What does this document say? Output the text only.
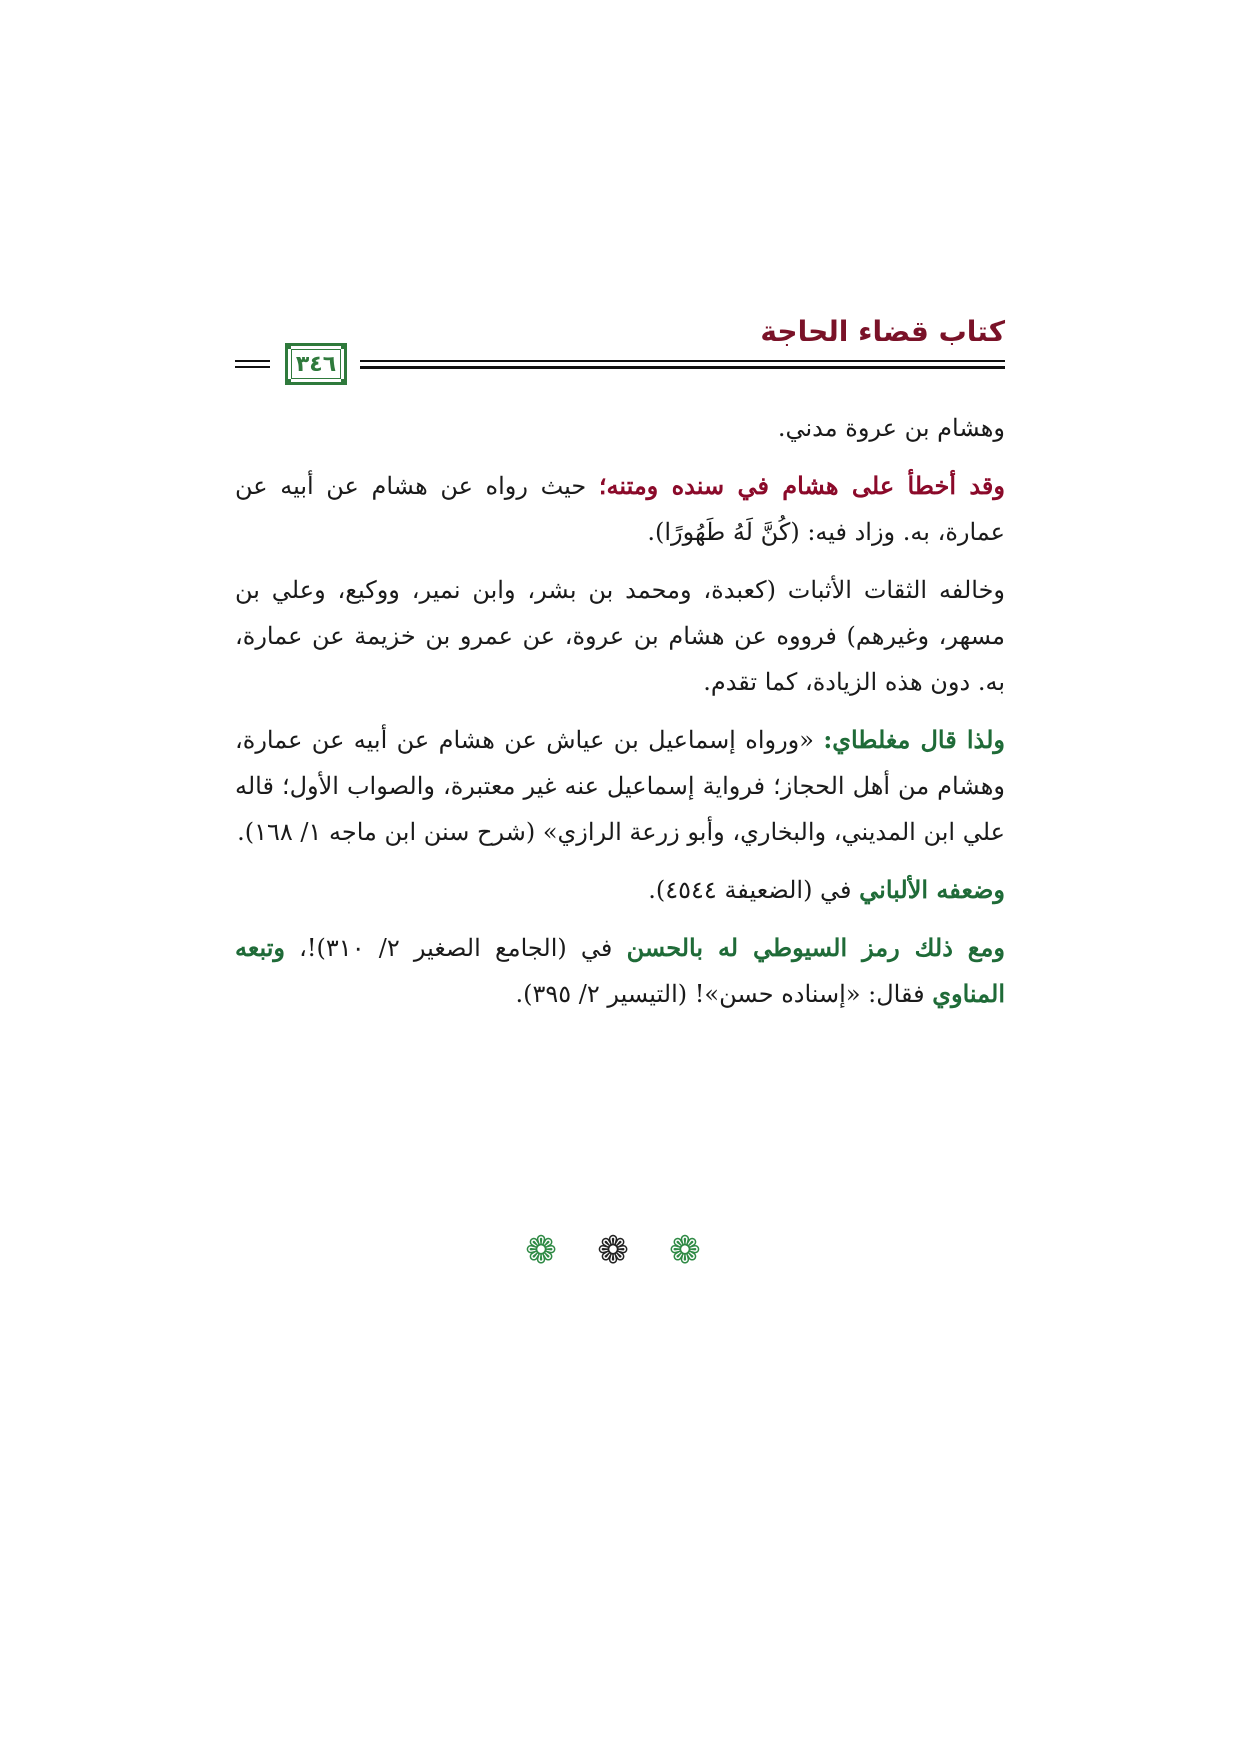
كتاب قضاء الحاجة
٣٤٦

وهشام بن عروة مدني.

وقد أخطأ على هشام في سنده ومتنه؛ حيث رواه عن هشام عن أبيه عن عمارة، به. وزاد فيه: (كُنَّ لَهُ طَهُورًا).

وخالفه الثقات الأثبات (كعبدة، ومحمد بن بشر، وابن نمير، ووكيع، وعلي بن مسهر، وغيرهم) فرووه عن هشام بن عروة، عن عمرو بن خزيمة عن عمارة، به. دون هذه الزيادة، كما تقدم.

ولذا قال مغلطاي: «ورواه إسماعيل بن عياش عن هشام عن أبيه عن عمارة، وهشام من أهل الحجاز؛ فرواية إسماعيل عنه غير معتبرة، والصواب الأول؛ قاله علي ابن المديني، والبخاري، وأبو زرعة الرازي» (شرح سنن ابن ماجه ١/ ١٦٨).

وضعفه الألباني في (الضعيفة ٤٥٤٤).

ومع ذلك رمز السيوطي له بالحسن في (الجامع الصغير ٢/ ٣١٠)!، وتبعه المناوي فقال: «إسناده حسن»! (التيسير ٢/ ٣٩٥).

❁ ❁ ❁
